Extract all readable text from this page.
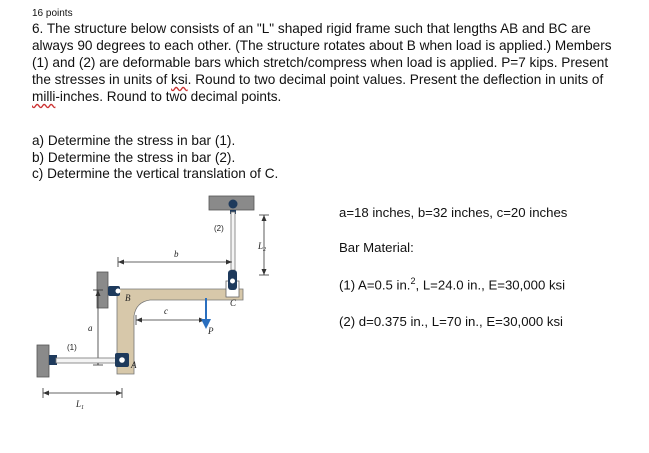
16 points

6. The structure below consists of an "L" shaped rigid frame such that lengths AB and BC are always 90 degrees to each other. (The structure rotates about B when load is applied.) Members (1) and (2) are deformable bars which stretch/compress when load is applied. P=7 kips. Present the stresses in units of ksi. Round to two decimal point values. Present the deflection in units of milli-inches. Round to two decimal points.

a) Determine the stress in bar (1).
b) Determine the stress in bar (2).
c) Determine the vertical translation of C.
a=18 inches, b=32 inches, c=20 inches
Bar Material:
(1) A=0.5 in.$^2$, L=24.0 in., E=30,000 ksi
(2) d=0.375 in., L=70 in., E=30,000 ksi
(2)
$L_2$
b
B	C
c
P
a
(1)
A
$L_1$
